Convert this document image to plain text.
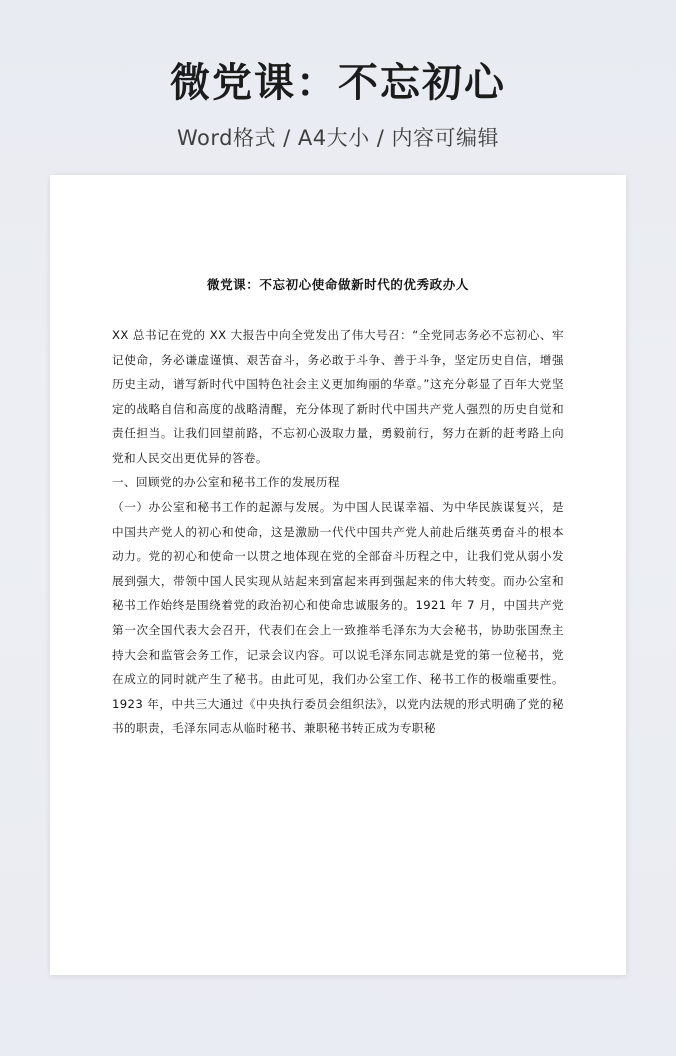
微党课：不忘初心
Word格式 / A4大小 / 内容可编辑
微党课：不忘初心使命做新时代的优秀政办人

XX 总书记在党的 XX 大报告中向全党发出了伟大号召：“全党同志务必不忘初心、牢记使命，务必谦虚谨慎、艰苦奋斗，务必敢于斗争、善于斗争，坚定历史自信，增强历史主动，谱写新时代中国特色社会主义更加绚丽的华章。”这充分彰显了百年大党坚定的战略自信和高度的战略清醒，充分体现了新时代中国共产党人强烈的历史自觉和责任担当。让我们回望前路，不忘初心汲取力量，勇毅前行，努力在新的赶考路上向党和人民交出更优异的答卷。

一、回顾党的办公室和秘书工作的发展历程

（一）办公室和秘书工作的起源与发展。为中国人民谋幸福、为中华民族谋复兴，是中国共产党人的初心和使命，这是激励一代代中国共产党人前赴后继英勇奋斗的根本动力。党的初心和使命一以贯之地体现在党的全部奋斗历程之中，让我们党从弱小发展到强大，带领中国人民实现从站起来到富起来再到强起来的伟大转变。而办公室和秘书工作始终是围绕着党的政治初心和使命忠诚服务的。1921 年 7 月，中国共产党第一次全国代表大会召开，代表们在会上一致推举毛泽东为大会秘书，协助张国焘主持大会和监管会务工作，记录会议内容。可以说毛泽东同志就是党的第一位秘书，党在成立的同时就产生了秘书。由此可见，我们办公室工作、秘书工作的极端重要性。1923 年，中共三大通过《中央执行委员会组织法》，以党内法规的形式明确了党的秘书的职责，毛泽东同志从临时秘书、兼职秘书转正成为专职秘
